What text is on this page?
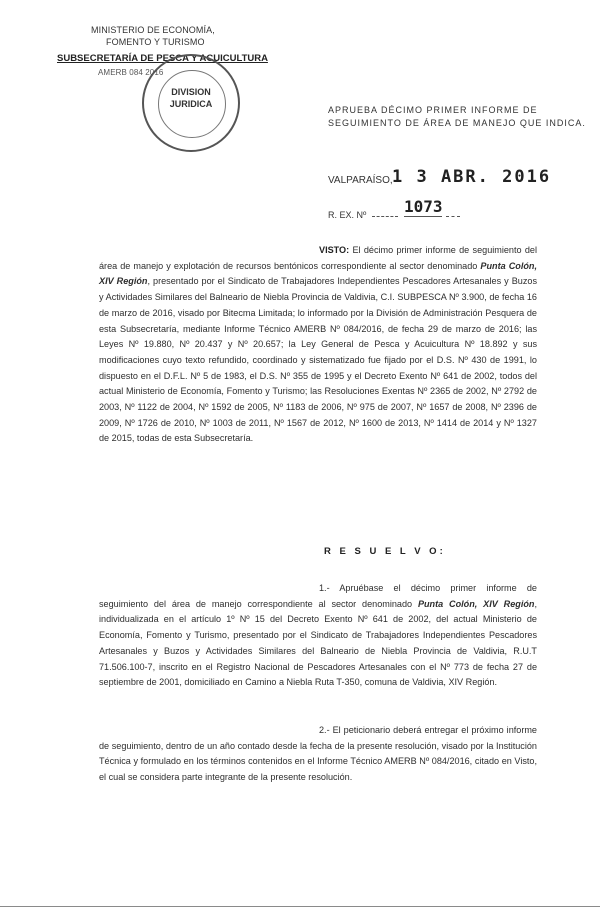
MINISTERIO DE ECONOMÍA,
FOMENTO Y TURISMO
SUBSECRETARÍA DE PESCA Y ACUICULTURA
AMERB 084 2016
DIVISION
JURIDICA
APRUEBA DÉCIMO PRIMER INFORME DE
SEGUIMIENTO DE ÁREA DE MANEJO QUE INDICA.
VALPARAÍSO, 1 3 ABR. 2016
R. EX. Nº 1073
VISTO: El décimo primer informe de seguimiento del área de manejo y explotación de recursos bentónicos correspondiente al sector denominado Punta Colón, XIV Región, presentado por el Sindicato de Trabajadores Independientes Pescadores Artesanales y Buzos y Actividades Similares del Balneario de Niebla Provincia de Valdivia, C.I. SUBPESCA Nº 3.900, de fecha 16 de marzo de 2016, visado por Bitecma Limitada; lo informado por la División de Administración Pesquera de esta Subsecretaría, mediante Informe Técnico AMERB Nº 084/2016, de fecha 29 de marzo de 2016; las Leyes Nº 19.880, Nº 20.437 y Nº 20.657; la Ley General de Pesca y Acuicultura Nº 18.892 y sus modificaciones cuyo texto refundido, coordinado y sistematizado fue fijado por el D.S. Nº 430 de 1991, lo dispuesto en el D.F.L. Nº 5 de 1983, el D.S. Nº 355 de 1995 y el Decreto Exento Nº 641 de 2002, todos del actual Ministerio de Economía, Fomento y Turismo; las Resoluciones Exentas Nº 2365 de 2002, Nº 2792 de 2003, Nº 1122 de 2004, Nº 1592 de 2005, Nº 1183 de 2006, Nº 975 de 2007, Nº 1657 de 2008, Nº 2396 de 2009, Nº 1726 de 2010, Nº 1003 de 2011, Nº 1567 de 2012, Nº 1600 de 2013, Nº 1414 de 2014 y Nº 1327 de 2015, todas de esta Subsecretaría.
R E S U E L V O:
1.- Apruébase el décimo primer informe de seguimiento del área de manejo correspondiente al sector denominado Punta Colón, XIV Región, individualizada en el artículo 1º Nº 15 del Decreto Exento Nº 641 de 2002, del actual Ministerio de Economía, Fomento y Turismo, presentado por el Sindicato de Trabajadores Independientes Pescadores Artesanales y Buzos y Actividades Similares del Balneario de Niebla Provincia de Valdivia, R.U.T 71.506.100-7, inscrito en el Registro Nacional de Pescadores Artesanales con el Nº 773 de fecha 27 de septiembre de 2001, domiciliado en Camino a Niebla Ruta T-350, comuna de Valdivia, XIV Región.
2.- El peticionario deberá entregar el próximo informe de seguimiento, dentro de un año contado desde la fecha de la presente resolución, visado por la Institución Técnica y formulado en los términos contenidos en el Informe Técnico AMERB Nº 084/2016, citado en Visto, el cual se considera parte integrante de la presente resolución.
